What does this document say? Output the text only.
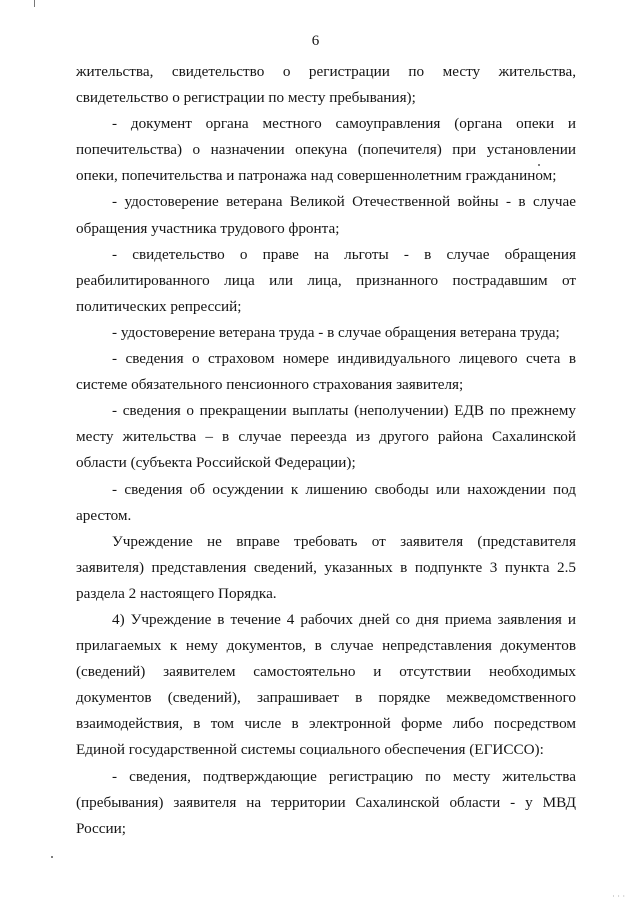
6

жительства, свидетельство о регистрации по месту жительства, свидетельство о регистрации по месту пребывания);

- документ органа местного самоуправления (органа опеки и попечительства) о назначении опекуна (попечителя) при установлении опеки, попечительства и патронажа над совершеннолетним гражданином;

- удостоверение ветерана Великой Отечественной войны - в случае обращения участника трудового фронта;

- свидетельство о праве на льготы - в случае обращения реабилитированного лица или лица, признанного пострадавшим от политических репрессий;

- удостоверение ветерана труда - в случае обращения ветерана труда;

- сведения о страховом номере индивидуального лицевого счета в системе обязательного пенсионного страхования заявителя;

- сведения о прекращении выплаты (неполучении) ЕДВ по прежнему месту жительства – в случае переезда из другого района Сахалинской области (субъекта Российской Федерации);

- сведения об осуждении к лишению свободы или нахождении под арестом.

Учреждение не вправе требовать от заявителя (представителя заявителя) представления сведений, указанных в подпункте 3 пункта 2.5 раздела 2 настоящего Порядка.

4) Учреждение в течение 4 рабочих дней со дня приема заявления и прилагаемых к нему документов, в случае непредставления документов (сведений) заявителем самостоятельно и отсутствии необходимых документов (сведений), запрашивает в порядке межведомственного взаимодействия, в том числе в электронной форме либо посредством Единой государственной системы социального обеспечения (ЕГИССО):

- сведения, подтверждающие регистрацию по месту жительства (пребывания) заявителя на территории Сахалинской области - у МВД России;

· · ·
